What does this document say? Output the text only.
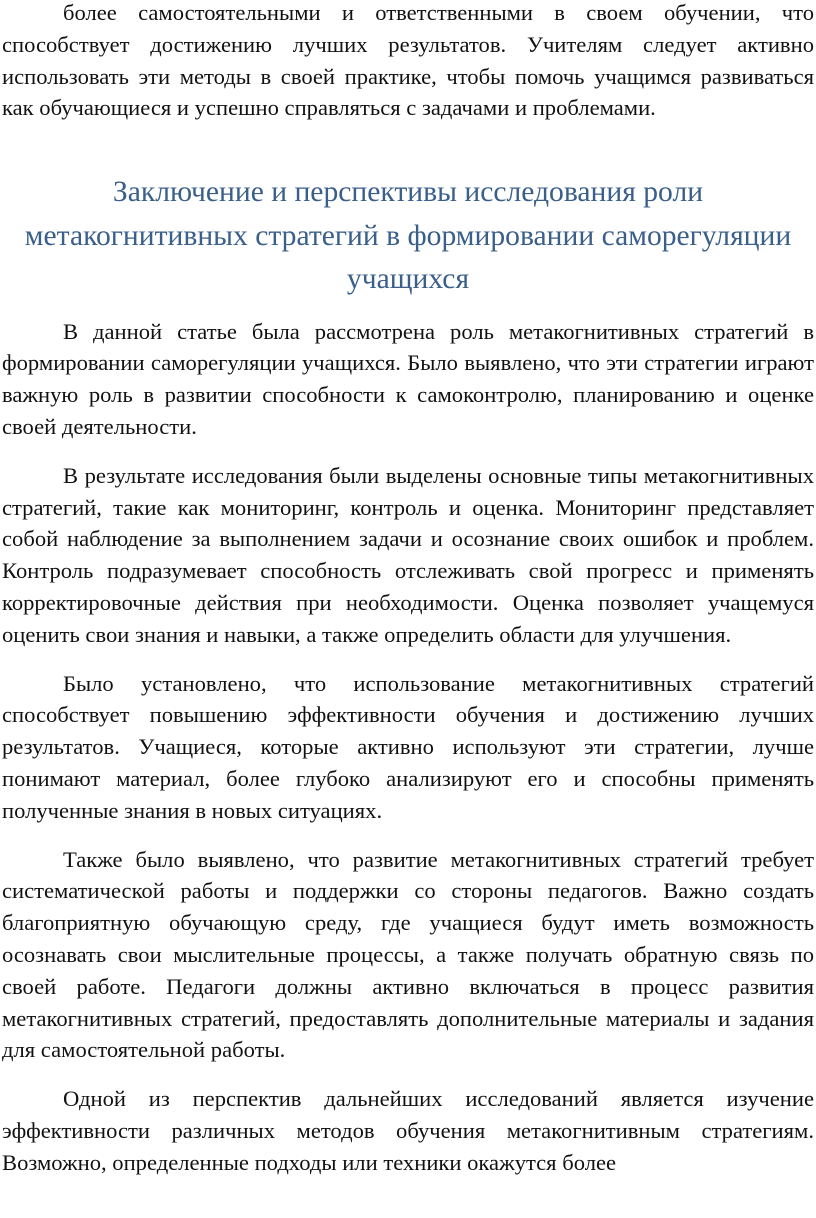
более самостоятельными и ответственными в своем обучении, что способствует достижению лучших результатов. Учителям следует активно использовать эти методы в своей практике, чтобы помочь учащимся развиваться как обучающиеся и успешно справляться с задачами и проблемами.

Заключение и перспективы исследования роли метакогнитивных стратегий в формировании саморегуляции учащихся

В данной статье была рассмотрена роль метакогнитивных стратегий в формировании саморегуляции учащихся. Было выявлено, что эти стратегии играют важную роль в развитии способности к самоконтролю, планированию и оценке своей деятельности.

В результате исследования были выделены основные типы метакогнитивных стратегий, такие как мониторинг, контроль и оценка. Мониторинг представляет собой наблюдение за выполнением задачи и осознание своих ошибок и проблем. Контроль подразумевает способность отслеживать свой прогресс и применять корректировочные действия при необходимости. Оценка позволяет учащемуся оценить свои знания и навыки, а также определить области для улучшения.

Было установлено, что использование метакогнитивных стратегий способствует повышению эффективности обучения и достижению лучших результатов. Учащиеся, которые активно используют эти стратегии, лучше понимают материал, более глубоко анализируют его и способны применять полученные знания в новых ситуациях.

Также было выявлено, что развитие метакогнитивных стратегий требует систематической работы и поддержки со стороны педагогов. Важно создать благоприятную обучающую среду, где учащиеся будут иметь возможность осознавать свои мыслительные процессы, а также получать обратную связь по своей работе. Педагоги должны активно включаться в процесс развития метакогнитивных стратегий, предоставлять дополнительные материалы и задания для самостоятельной работы.

Одной из перспектив дальнейших исследований является изучение эффективности различных методов обучения метакогнитивным стратегиям. Возможно, определенные подходы или техники окажутся более
